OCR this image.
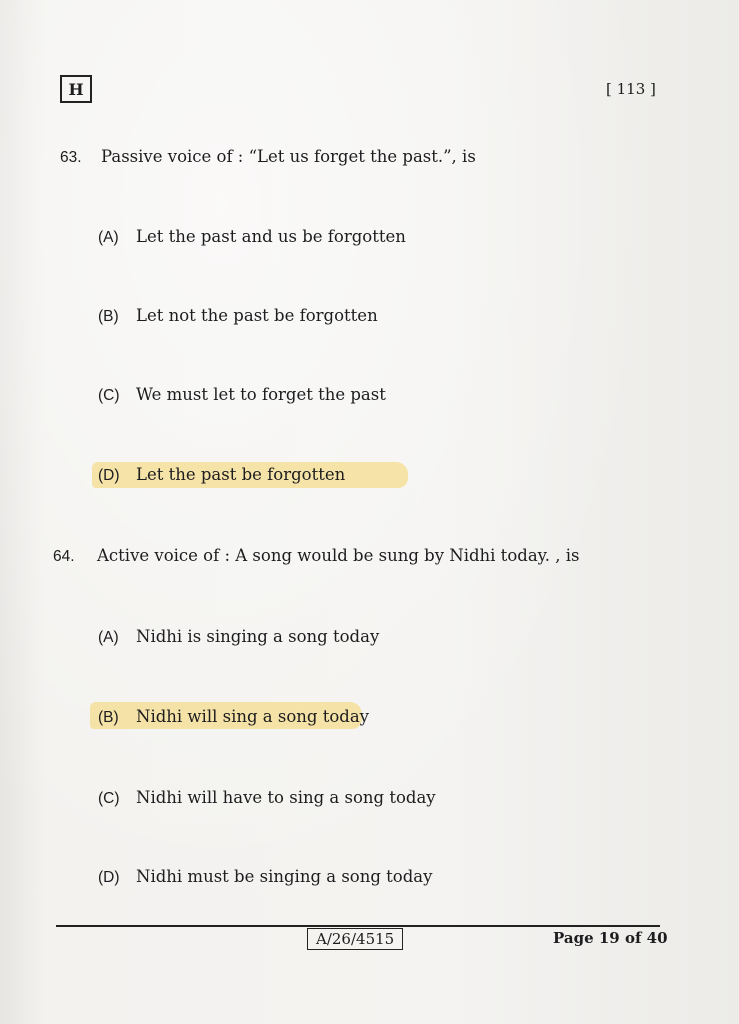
H	[ 113 ]
63. Passive voice of : “Let us forget the past.”, is
(A) Let the past and us be forgotten
(B) Let not the past be forgotten
(C) We must let to forget the past
(D) Let the past be forgotten
64. Active voice of : A song would be sung by Nidhi today. , is
(A) Nidhi is singing a song today
(B) Nidhi will sing a song today
(C) Nidhi will have to sing a song today
(D) Nidhi must be singing a song today
A/26/4515	Page 19 of 40
